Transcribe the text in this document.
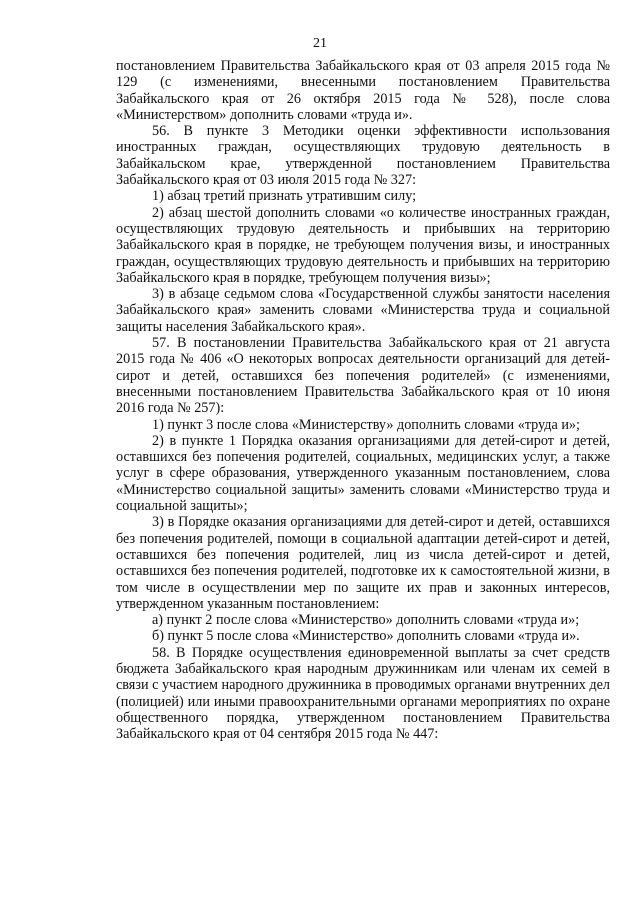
21

постановлением Правительства Забайкальского края от 03 апреля 2015 года № 129 (с изменениями, внесенными постановлением Правительства Забайкальского края от 26 октября 2015 года № 528), после слова «Министерством» дополнить словами «труда и».

56. В пункте 3 Методики оценки эффективности использования иностранных граждан, осуществляющих трудовую деятельность в Забайкальском крае, утвержденной постановлением Правительства Забайкальского края от 03 июля 2015 года № 327:

1) абзац третий признать утратившим силу;

2) абзац шестой дополнить словами «о количестве иностранных граждан, осуществляющих трудовую деятельность и прибывших на территорию Забайкальского края в порядке, не требующем получения визы, и иностранных граждан, осуществляющих трудовую деятельность и прибывших на территорию Забайкальского края в порядке, требующем получения визы»;

3) в абзаце седьмом слова «Государственной службы занятости населения Забайкальского края» заменить словами «Министерства труда и социальной защиты населения Забайкальского края».

57. В постановлении Правительства Забайкальского края от 21 августа 2015 года № 406 «О некоторых вопросах деятельности организаций для детей-сирот и детей, оставшихся без попечения родителей» (с изменениями, внесенными постановлением Правительства Забайкальского края от 10 июня 2016 года № 257):

1) пункт 3 после слова «Министерству» дополнить словами «труда и»;

2) в пункте 1 Порядка оказания организациями для детей-сирот и детей, оставшихся без попечения родителей, социальных, медицинских услуг, а также услуг в сфере образования, утвержденного указанным постановлением, слова «Министерство социальной защиты» заменить словами «Министерство труда и социальной защиты»;

3) в Порядке оказания организациями для детей-сирот и детей, оставшихся без попечения родителей, помощи в социальной адаптации детей-сирот и детей, оставшихся без попечения родителей, лиц из числа детей-сирот и детей, оставшихся без попечения родителей, подготовке их к самостоятельной жизни, в том числе в осуществлении мер по защите их прав и законных интересов, утвержденном указанным постановлением:

а) пункт 2 после слова «Министерство» дополнить словами «труда и»;

б) пункт 5 после слова «Министерство» дополнить словами «труда и».

58. В Порядке осуществления единовременной выплаты за счет средств бюджета Забайкальского края народным дружинникам или членам их семей в связи с участием народного дружинника в проводимых органами внутренних дел (полицией) или иными правоохранительными органами мероприятиях по охране общественного порядка, утвержденном постановлением Правительства Забайкальского края от 04 сентября 2015 года № 447:
